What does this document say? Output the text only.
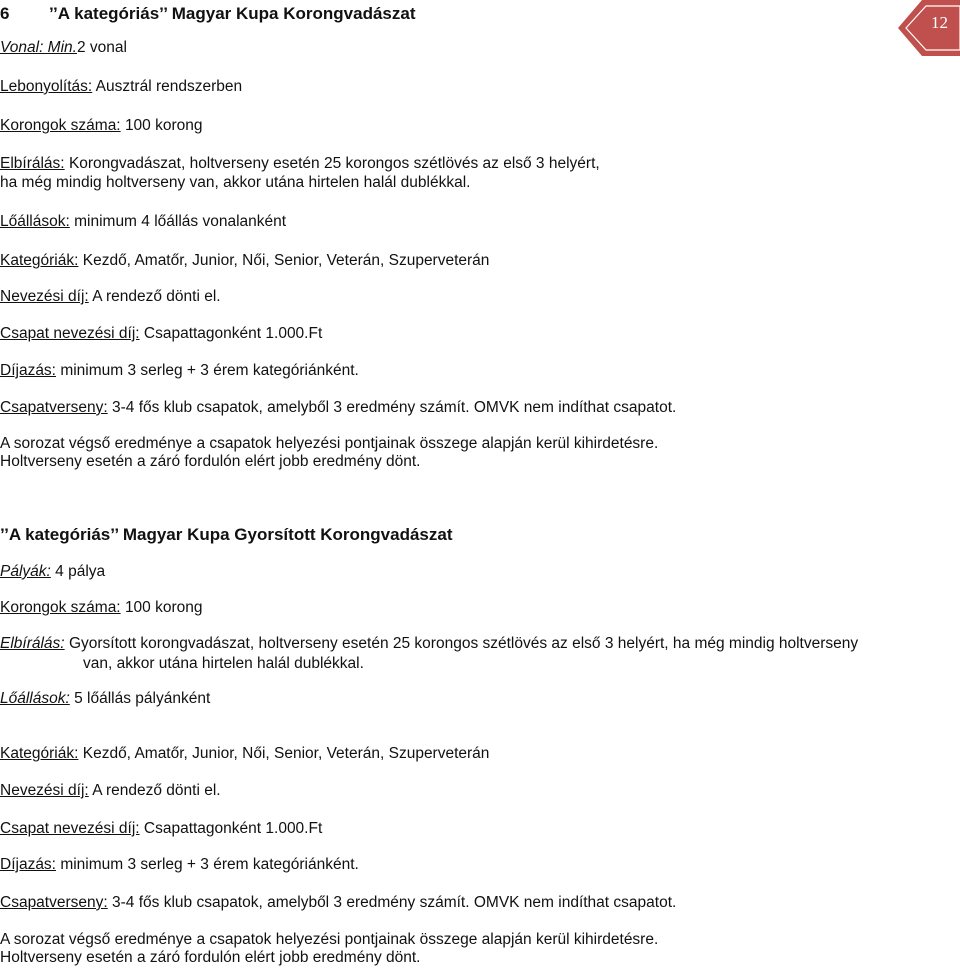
12
6 ’’A kategóriás’’ Magyar Kupa Korongvadászat
Vonal: Min.2 vonal
Lebonyolítás: Ausztrál rendszerben
Korongok száma: 100 korong
Elbírálás: Korongvadászat, holtverseny esetén 25 korongos szétlövés az első 3 helyért,
ha még mindig holtverseny van, akkor utána hirtelen halál dublékkal.
Lőállások: minimum 4 lőállás vonalanként
Kategóriák: Kezdő, Amatőr, Junior, Női, Senior, Veterán, Szuperveterán
Nevezési díj: A rendező dönti el.
Csapat nevezési díj: Csapattagonként 1.000.Ft
Díjazás: minimum 3 serleg + 3 érem kategóriánként.
Csapatverseny: 3-4 fős klub csapatok, amelyből 3 eredmény számít. OMVK nem indíthat csapatot.
A sorozat végső eredménye a csapatok helyezési pontjainak összege alapján kerül kihirdetésre.
Holtverseny esetén a záró fordulón elért jobb eredmény dönt.
’’A kategóriás’’ Magyar Kupa Gyorsított Korongvadászat
Pályák: 4 pálya
Korongok száma: 100 korong
Elbírálás: Gyorsított korongvadászat, holtverseny esetén 25 korongos szétlövés az első 3 helyért, ha még mindig holtverseny
van, akkor utána hirtelen halál dublékkal.
Lőállások: 5 lőállás pályánként
Kategóriák: Kezdő, Amatőr, Junior, Női, Senior, Veterán, Szuperveterán
Nevezési díj: A rendező dönti el.
Csapat nevezési díj: Csapattagonként 1.000.Ft
Díjazás: minimum 3 serleg + 3 érem kategóriánként.
Csapatverseny: 3-4 fős klub csapatok, amelyből 3 eredmény számít. OMVK nem indíthat csapatot.
A sorozat végső eredménye a csapatok helyezési pontjainak összege alapján kerül kihirdetésre.
Holtverseny esetén a záró fordulón elért jobb eredmény dönt.
